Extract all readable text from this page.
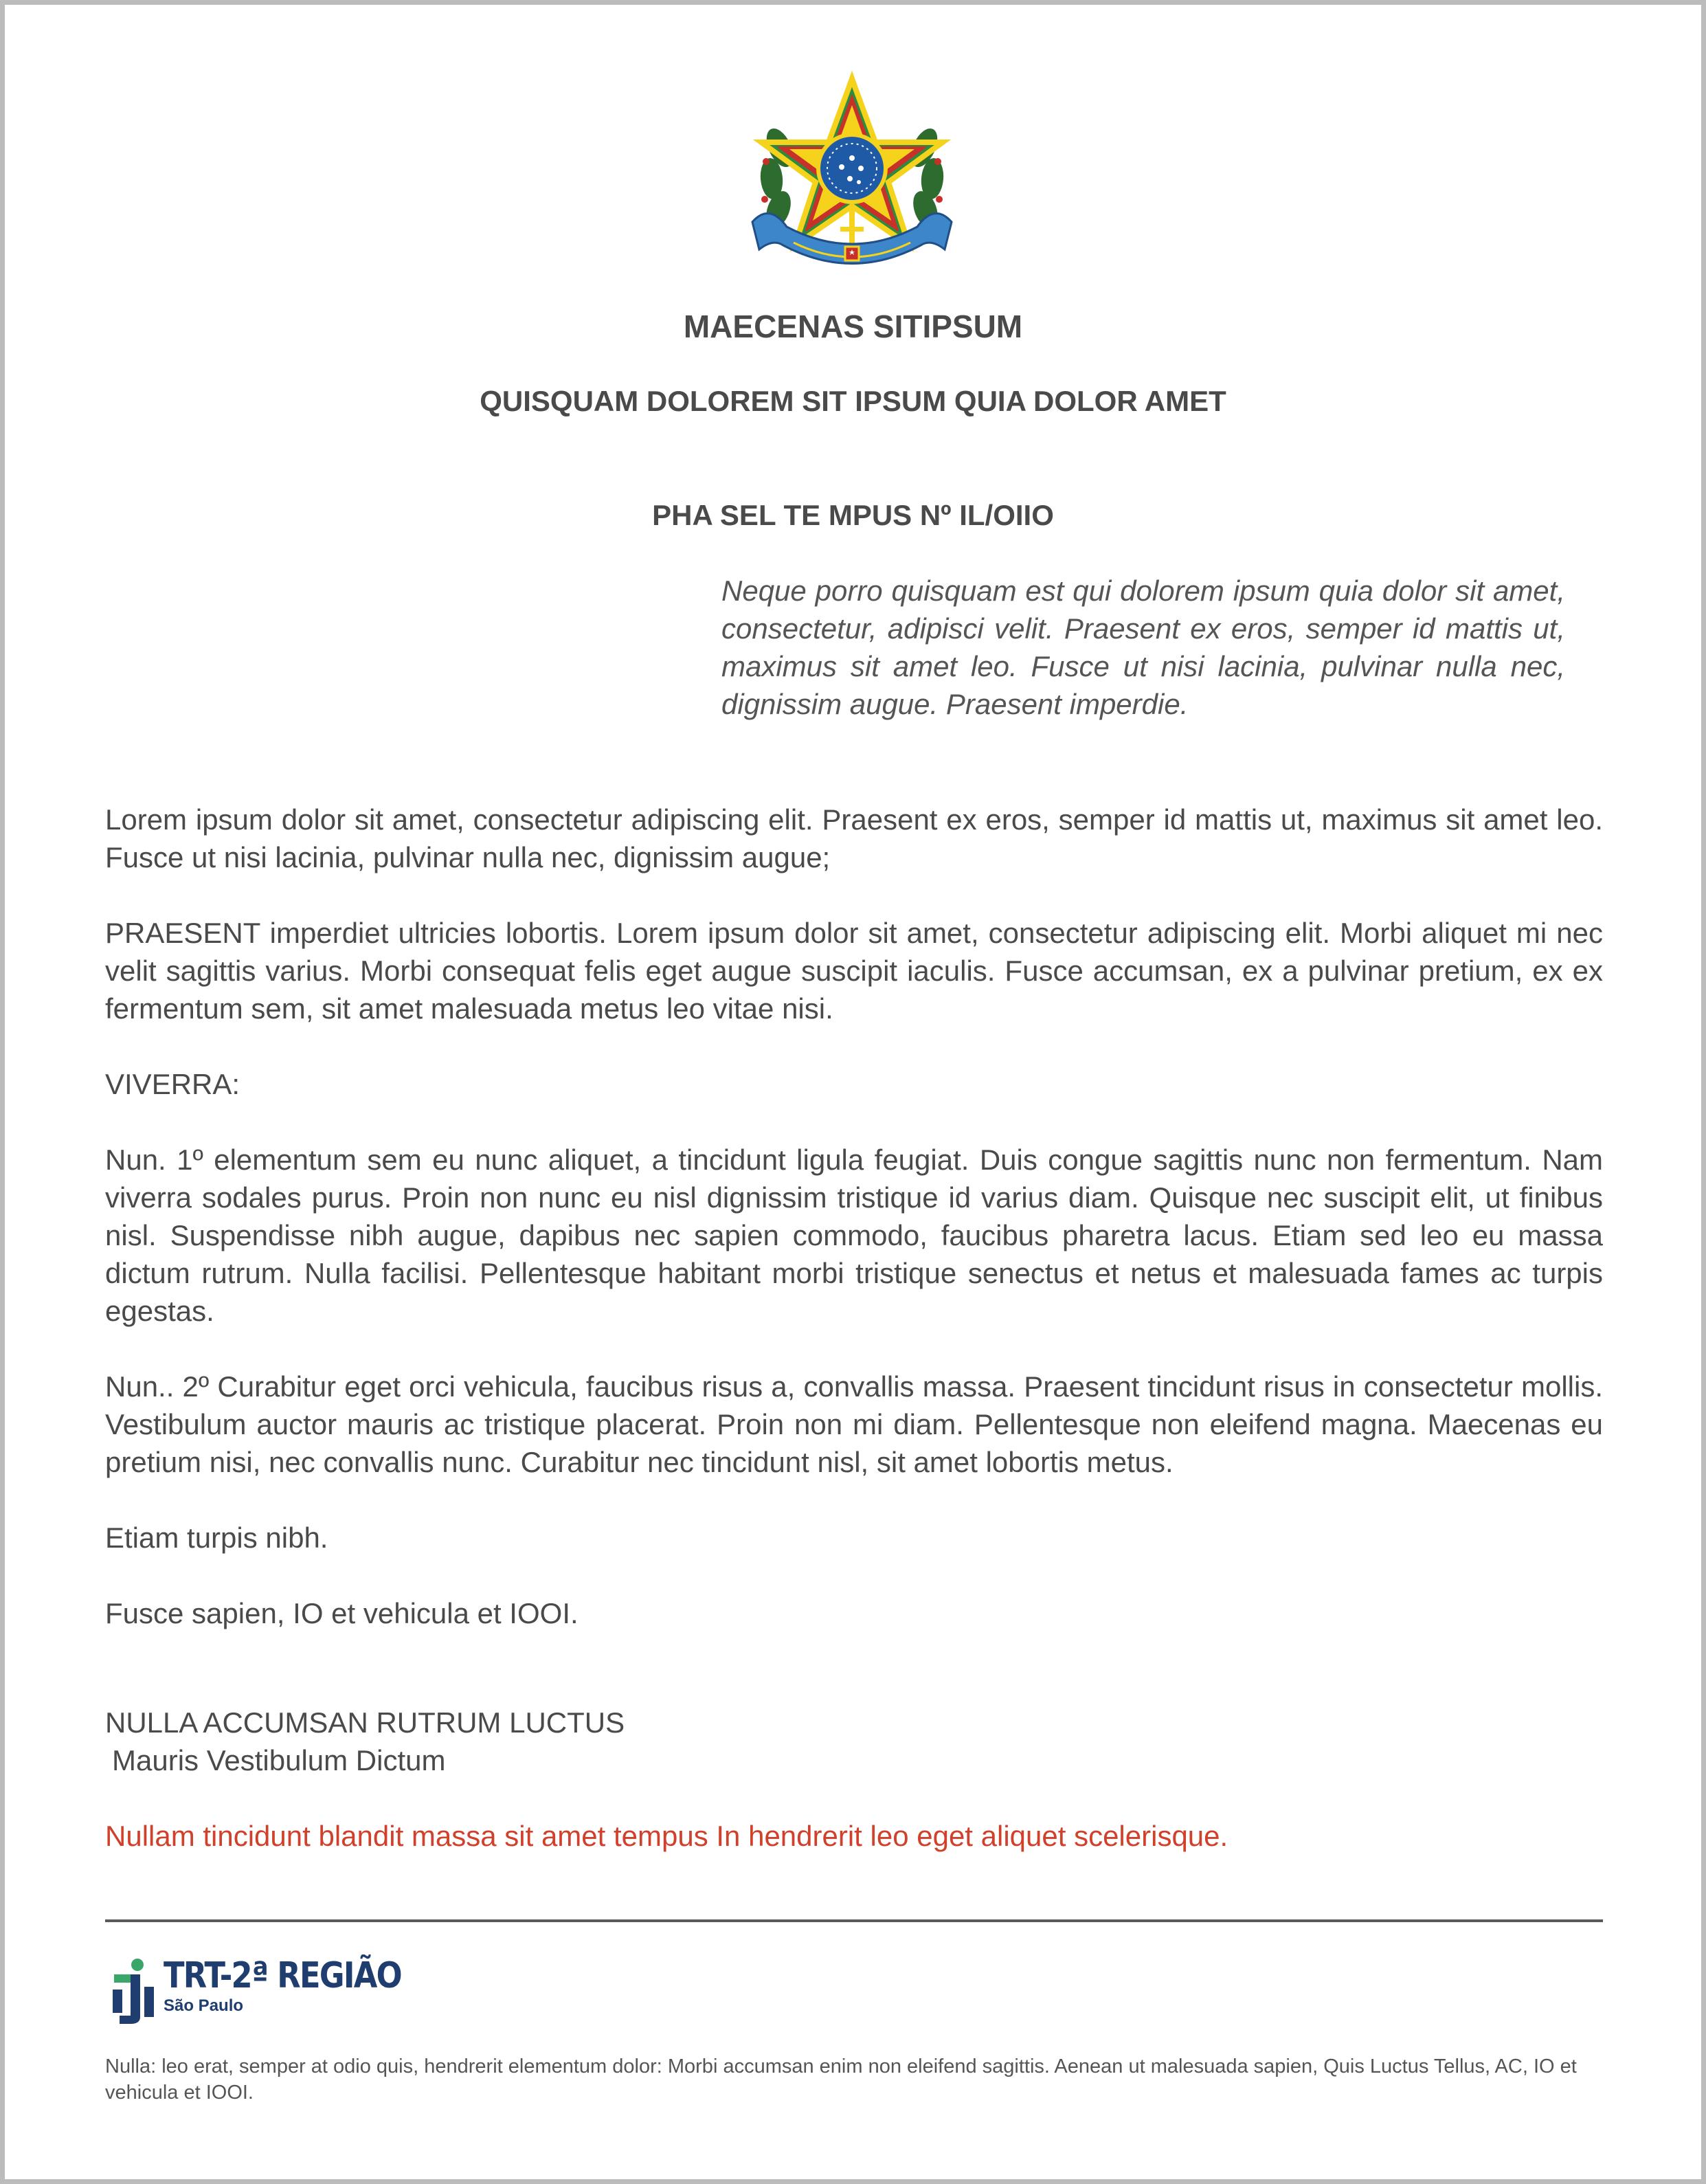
MAECENAS SITIPSUM
QUISQUAM DOLOREM SIT IPSUM QUIA DOLOR AMET
PHA SEL TE MPUS Nº IL/OIIO
Neque porro quisquam est qui dolorem ipsum quia dolor sit amet, consectetur, adipisci velit. Praesent ex eros, semper id mattis ut, maximus sit amet leo. Fusce ut nisi lacinia, pulvinar nulla nec, dignissim augue. Praesent imperdie.
Lorem ipsum dolor sit amet, consectetur adipiscing elit. Praesent ex eros, semper id mattis ut, maximus sit amet leo. Fusce ut nisi lacinia, pulvinar nulla nec, dignissim augue;
PRAESENT imperdiet ultricies lobortis. Lorem ipsum dolor sit amet, consectetur adipiscing elit. Morbi aliquet mi nec velit sagittis varius. Morbi consequat felis eget augue suscipit iaculis. Fusce accumsan, ex a pulvinar pretium, ex ex fermentum sem, sit amet malesuada metus leo vitae nisi.
VIVERRA:
Nun. 1º elementum sem eu nunc aliquet, a tincidunt ligula feugiat. Duis congue sagittis nunc non fermentum. Nam viverra sodales purus. Proin non nunc eu nisl dignissim tristique id varius diam. Quisque nec suscipit elit, ut finibus nisl. Suspendisse nibh augue, dapibus nec sapien commodo, faucibus pharetra lacus. Etiam sed leo eu massa dictum rutrum. Nulla facilisi. Pellentesque habitant morbi tristique senectus et netus et malesuada fames ac turpis egestas.
Nun.. 2º Curabitur eget orci vehicula, faucibus risus a, convallis massa. Praesent tincidunt risus in consectetur mollis. Vestibulum auctor mauris ac tristique placerat. Proin non mi diam. Pellentesque non eleifend magna. Maecenas eu pretium nisi, nec convallis nunc. Curabitur nec tincidunt nisl, sit amet lobortis metus.
Etiam turpis nibh.
Fusce sapien, IO et vehicula et IOOI.
NULLA ACCUMSAN RUTRUM LUCTUS
Mauris Vestibulum Dictum
Nullam tincidunt blandit massa sit amet tempus In hendrerit leo eget aliquet scelerisque.
TRT-2ª REGIÃO
São Paulo
Nulla: leo erat, semper at odio quis, hendrerit elementum dolor: Morbi accumsan enim non eleifend sagittis. Aenean ut malesuada sapien, Quis Luctus Tellus, AC, IO et vehicula et IOOI.
